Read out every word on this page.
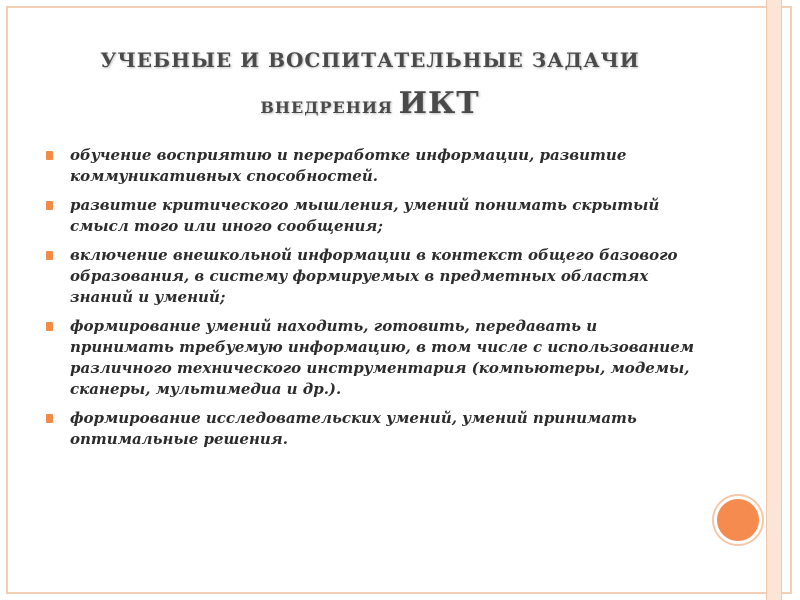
УЧЕБНЫЕ И ВОСПИТАТЕЛЬНЫЕ ЗАДАЧИ
ВНЕДРЕНИЯ ИКТ
обучение восприятию и переработке информации, развитие коммуникативных способностей.
развитие критического мышления, умений понимать скрытый смысл того или иного сообщения;
включение внешкольной информации в контекст общего базового образования, в систему формируемых в предметных областях знаний и умений;
формирование умений находить, готовить, передавать и принимать требуемую информацию, в том числе с использованием различного технического инструментария (компьютеры, модемы, сканеры, мультимедиа и др.).
формирование исследовательских умений, умений принимать оптимальные решения.
